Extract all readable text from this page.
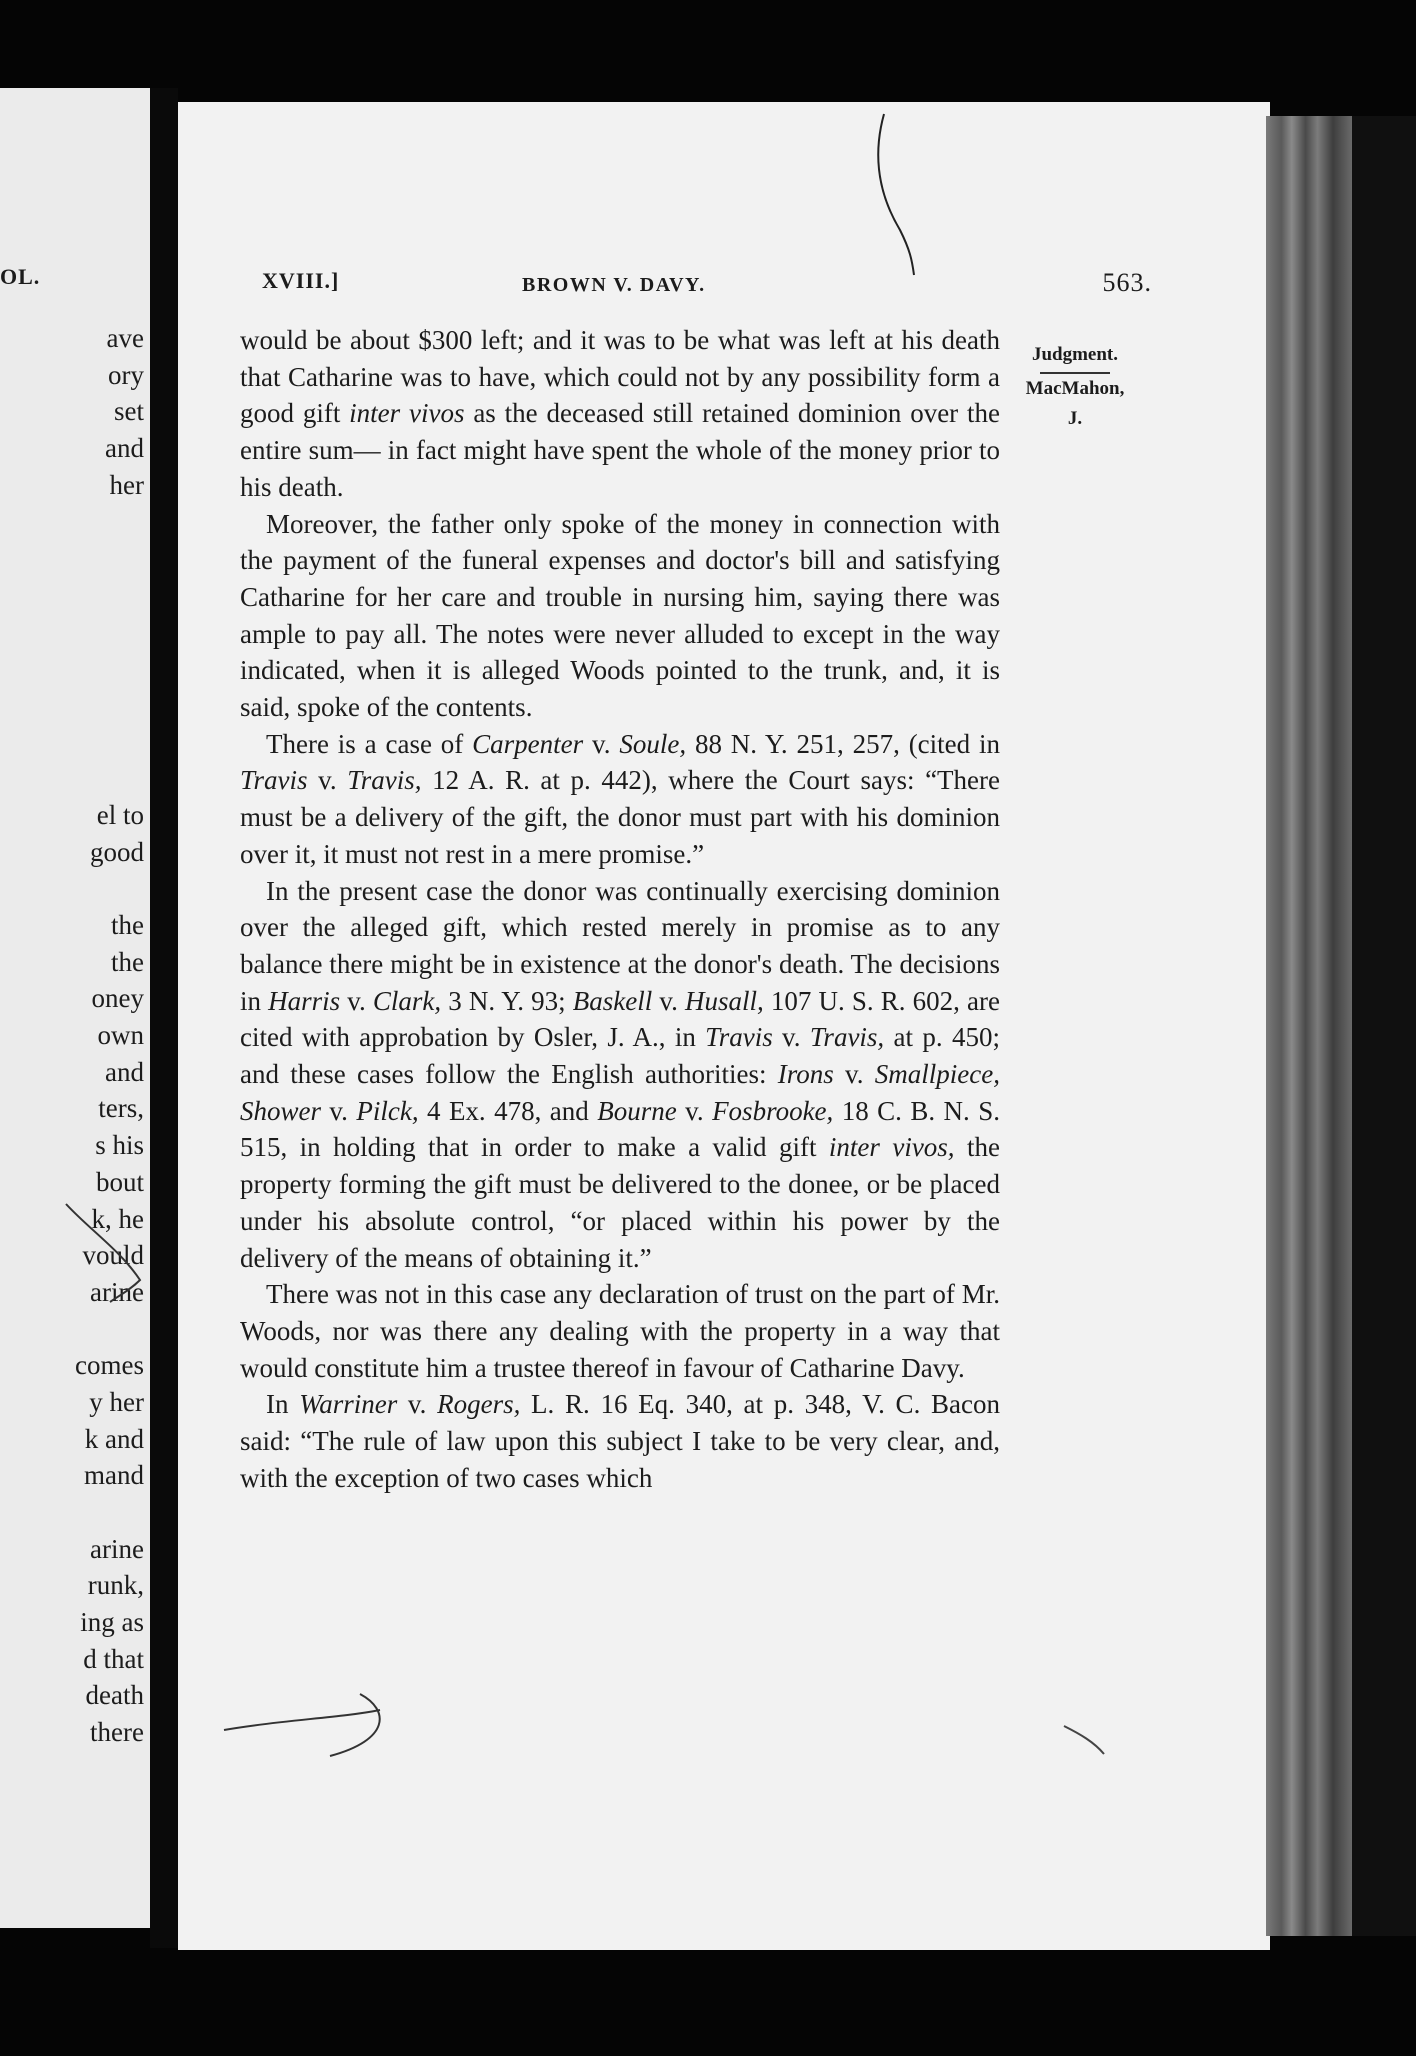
OL.
ave
ory
set
and
her
el to
good
the
the
oney
own
and
ters,
s his
bout
k, he
vould
arine
comes
y her
k and
mand
arine
runk,
ing as
d that
death
there
XVIII.]	BROWN V. DAVY.	563.
Judgment.
MacMahon,
J.

would be about $300 left; and it was to be what was left at his death that Catharine was to have, which could not by any possibility form a good gift inter vivos as the deceased still retained dominion over the entire sum— in fact might have spent the whole of the money prior to his death.

Moreover, the father only spoke of the money in connection with the payment of the funeral expenses and doctor's bill and satisfying Catharine for her care and trouble in nursing him, saying there was ample to pay all. The notes were never alluded to except in the way indicated, when it is alleged Woods pointed to the trunk, and, it is said, spoke of the contents.

There is a case of Carpenter v. Soule, 88 N. Y. 251, 257, (cited in Travis v. Travis, 12 A. R. at p. 442), where the Court says: “There must be a delivery of the gift, the donor must part with his dominion over it, it must not rest in a mere promise.”

In the present case the donor was continually exercising dominion over the alleged gift, which rested merely in promise as to any balance there might be in existence at the donor's death. The decisions in Harris v. Clark, 3 N. Y. 93; Baskell v. Husall, 107 U. S. R. 602, are cited with approbation by Osler, J. A., in Travis v. Travis, at p. 450; and these cases follow the English authorities: Irons v. Smallpiece, Shower v. Pilck, 4 Ex. 478, and Bourne v. Fosbrooke, 18 C. B. N. S. 515, in holding that in order to make a valid gift inter vivos, the property forming the gift must be delivered to the donee, or be placed under his absolute control, “or placed within his power by the delivery of the means of obtaining it.”

There was not in this case any declaration of trust on the part of Mr. Woods, nor was there any dealing with the property in a way that would constitute him a trustee thereof in favour of Catharine Davy.

In Warriner v. Rogers, L. R. 16 Eq. 340, at p. 348, V. C. Bacon said: “The rule of law upon this subject I take to be very clear, and, with the exception of two cases which
